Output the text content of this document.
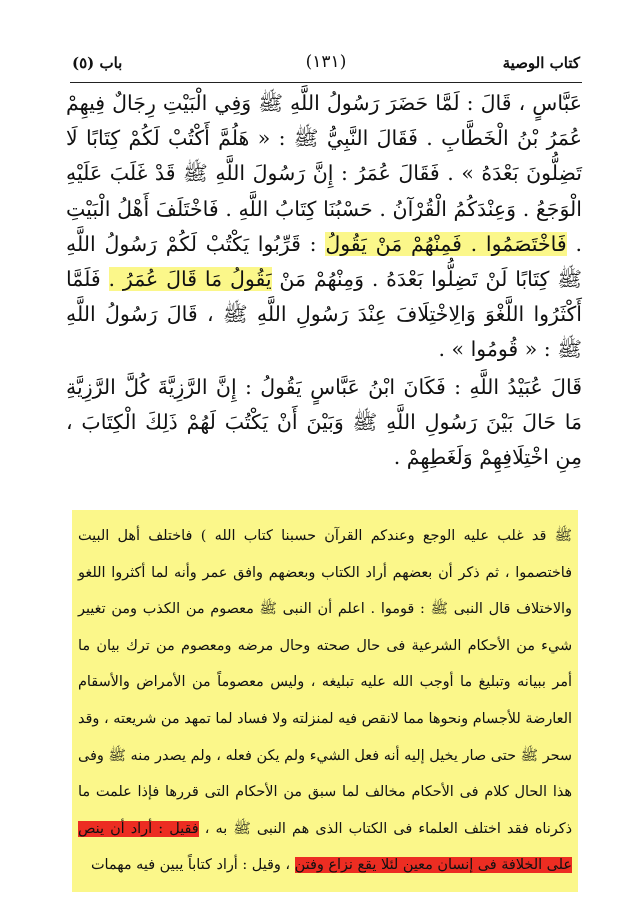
كتاب الوصية
(١٣١)
باب (٥)

عَبَّاسٍ ، قَالَ : لَمَّا حَضَرَ رَسُولُ اللَّهِ ﷺ وَفِي الْبَيْتِ رِجَالٌ فِيهِمْ عُمَرُ بْنُ الْخَطَّابِ . فَقَالَ النَّبِيُّ ﷺ : « هَلُمَّ أَكْتُبْ لَكُمْ كِتَابًا لَا تَضِلُّونَ بَعْدَهُ » . فَقَالَ عُمَرُ : إِنَّ رَسُولَ اللَّهِ ﷺ قَدْ غَلَبَ عَلَيْهِ الْوَجَعُ . وَعِنْدَكُمُ الْقُرْآنُ . حَسْبُنَا كِتَابُ اللَّهِ . فَاخْتَلَفَ أَهْلُ الْبَيْتِ . فَاخْتَصَمُوا . فَمِنْهُمْ مَنْ يَقُولُ : قَرِّبُوا يَكْتُبْ لَكُمْ رَسُولُ اللَّهِ ﷺ كِتَابًا لَنْ تَضِلُّوا بَعْدَهُ . وَمِنْهُمْ مَنْ يَقُولُ مَا قَالَ عُمَرُ . فَلَمَّا أَكْثَرُوا اللَّغْوَ وَالِاخْتِلَافَ عِنْدَ رَسُولِ اللَّهِ ﷺ ، قَالَ رَسُولُ اللَّهِ ﷺ : « قُومُوا » .

قَالَ عُبَيْدُ اللَّهِ : فَكَانَ ابْنُ عَبَّاسٍ يَقُولُ : إِنَّ الرَّزِيَّةَ كُلَّ الرَّزِيَّةِ مَا حَالَ بَيْنَ رَسُولِ اللَّهِ ﷺ وَبَيْنَ أَنْ يَكْتُبَ لَهُمْ ذَلِكَ الْكِتَابَ ، مِنِ اخْتِلَافِهِمْ وَلَغَطِهِمْ .

ﷺ قد غلب عليه الوجع وعندكم القرآن حسبنا كتاب الله ) فاختلف أهل البيت فاختصموا ، ثم ذكر أن بعضهم أراد الكتاب وبعضهم وافق عمر وأنه لما أكثروا اللغو والاختلاف قال النبى ﷺ : قوموا . اعلم أن النبى ﷺ معصوم من الكذب ومن تغيير شيء من الأحكام الشرعية فى حال صحته وحال مرضه ومعصوم من ترك بيان ما أمر ببيانه وتبليغ ما أوجب الله عليه تبليغه ، وليس معصوماً من الأمراض والأسقام العارضة للأجسام ونحوها مما لانقص فيه لمنزلته ولا فساد لما تمهد من شريعته ، وقد سحر ﷺ حتى صار يخيل إليه أنه فعل الشيء ولم يكن فعله ، ولم يصدر منه ﷺ وفى هذا الحال كلام فى الأحكام مخالف لما سبق من الأحكام التى قررها فإذا علمت ما ذكرناه فقد اختلف العلماء فى الكتاب الذى هم النبى ﷺ به ، فقيل : أراد أن ينص على الخلافة فى إنسان معين لئلا يقع نزاع وفتن ، وقيل : أراد كتاباً يبين فيه مهمات
